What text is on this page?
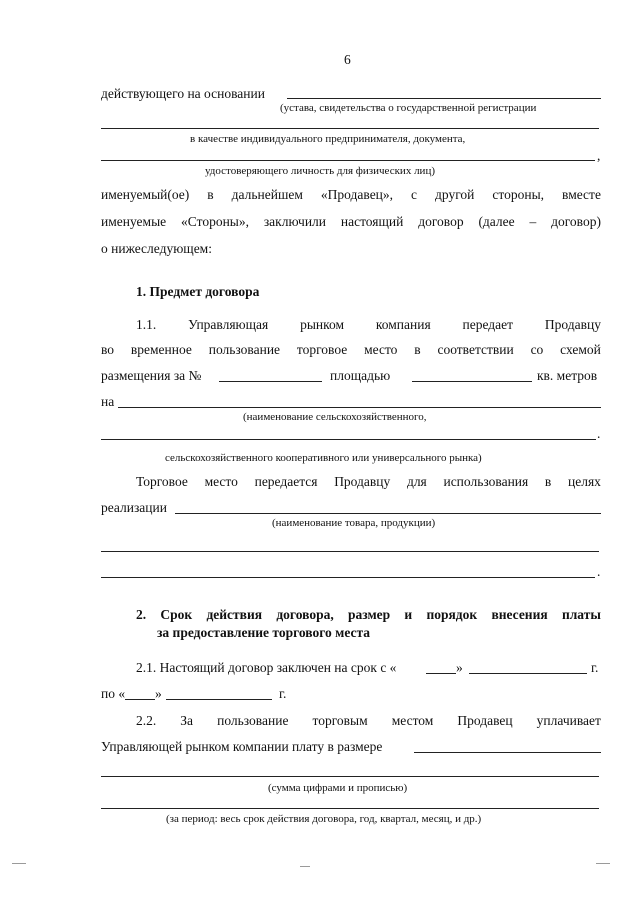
6
действующего на основании
(устава, свидетельства о государственной регистрации
в качестве индивидуального предпринимателя, документа,
,
удостоверяющего личность для физических лиц)
именуемый(ое) в дальнейшем «Продавец», с другой стороны, вместе
именуемые «Стороны», заключили настоящий договор (далее – договор)
о нижеследующем:
1. Предмет договора
1.1. Управляющая рынком компания передает Продавцу
во временное пользование торговое место в соответствии со схемой
размещения за №	площадью	кв. метров
на
(наименование сельскохозяйственного,
.
сельскохозяйственного кооперативного или универсального рынка)
Торговое место передается Продавцу для использования в целях
реализации
(наименование товара, продукции)
.
2. Срок действия договора, размер и порядок внесения платы
за предоставление торгового места
2.1. Настоящий договор заключен на срок с «	»	г.
по « »	г.
2.2. За пользование торговым местом Продавец уплачивает
Управляющей рынком компании плату в размере
(сумма цифрами и прописью)
(за период: весь срок действия договора, год, квартал, месяц, и др.)
